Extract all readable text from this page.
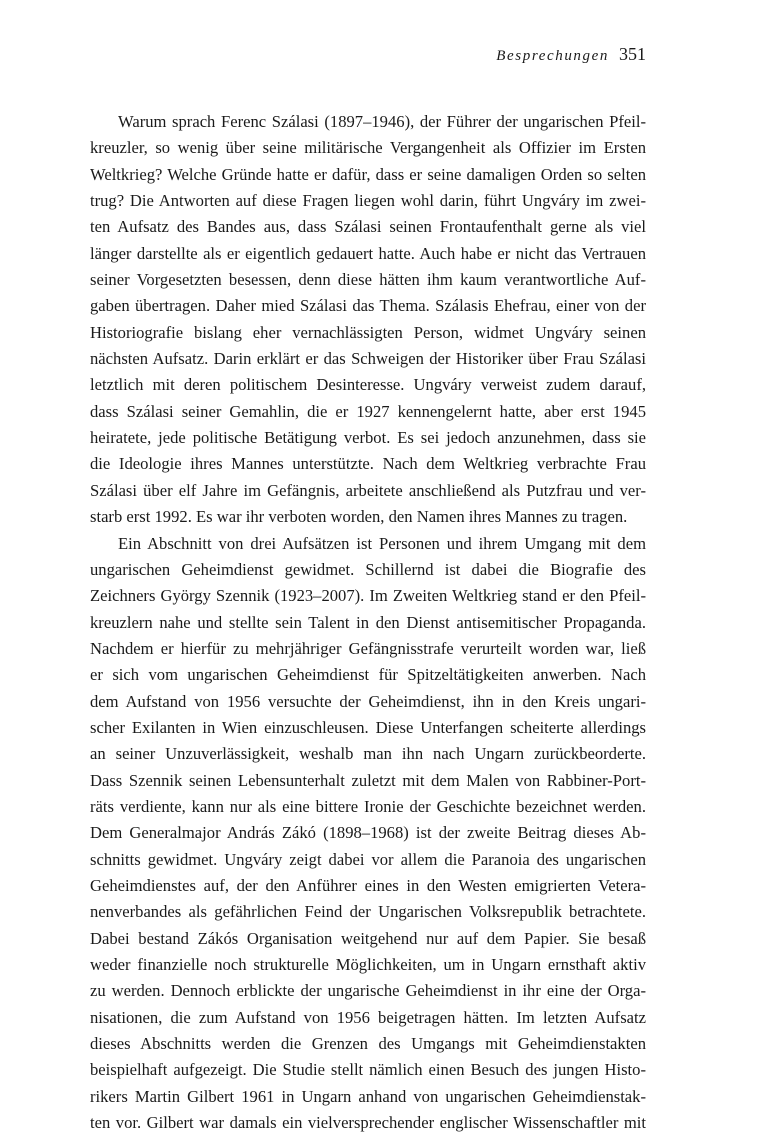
Besprechungen 351
Warum sprach Ferenc Szálasi (1897–1946), der Führer der ungarischen Pfeil-
kreuzler, so wenig über seine militärische Vergangenheit als Offizier im Ersten
Weltkrieg? Welche Gründe hatte er dafür, dass er seine damaligen Orden so selten
trug? Die Antworten auf diese Fragen liegen wohl darin, führt Ungváry im zwei-
ten Aufsatz des Bandes aus, dass Szálasi seinen Frontaufenthalt gerne als viel
länger darstellte als er eigentlich gedauert hatte. Auch habe er nicht das Vertrauen
seiner Vorgesetzten besessen, denn diese hätten ihm kaum verantwortliche Auf-
gaben übertragen. Daher mied Szálasi das Thema. Szálasis Ehefrau, einer von der
Historiografie bislang eher vernachlässigten Person, widmet Ungváry seinen
nächsten Aufsatz. Darin erklärt er das Schweigen der Historiker über Frau Szálasi
letztlich mit deren politischem Desinteresse. Ungváry verweist zudem darauf,
dass Szálasi seiner Gemahlin, die er 1927 kennengelernt hatte, aber erst 1945
heiratete, jede politische Betätigung verbot. Es sei jedoch anzunehmen, dass sie
die Ideologie ihres Mannes unterstützte. Nach dem Weltkrieg verbrachte Frau
Szálasi über elf Jahre im Gefängnis, arbeitete anschließend als Putzfrau und ver-
starb erst 1992. Es war ihr verboten worden, den Namen ihres Mannes zu tragen.
Ein Abschnitt von drei Aufsätzen ist Personen und ihrem Umgang mit dem
ungarischen Geheimdienst gewidmet. Schillernd ist dabei die Biografie des
Zeichners György Szennik (1923–2007). Im Zweiten Weltkrieg stand er den Pfeil-
kreuzlern nahe und stellte sein Talent in den Dienst antisemitischer Propaganda.
Nachdem er hierfür zu mehrjähriger Gefängnisstrafe verurteilt worden war, ließ
er sich vom ungarischen Geheimdienst für Spitzeltätigkeiten anwerben. Nach
dem Aufstand von 1956 versuchte der Geheimdienst, ihn in den Kreis ungari-
scher Exilanten in Wien einzuschleusen. Diese Unterfangen scheiterte allerdings
an seiner Unzuverlässigkeit, weshalb man ihn nach Ungarn zurückbeorderte.
Dass Szennik seinen Lebensunterhalt zuletzt mit dem Malen von Rabbiner-Port-
räts verdiente, kann nur als eine bittere Ironie der Geschichte bezeichnet werden.
Dem Generalmajor András Zákó (1898–1968) ist der zweite Beitrag dieses Ab-
schnitts gewidmet. Ungváry zeigt dabei vor allem die Paranoia des ungarischen
Geheimdienstes auf, der den Anführer eines in den Westen emigrierten Vetera-
nenverbandes als gefährlichen Feind der Ungarischen Volksrepublik betrachtete.
Dabei bestand Zákós Organisation weitgehend nur auf dem Papier. Sie besaß
weder finanzielle noch strukturelle Möglichkeiten, um in Ungarn ernsthaft aktiv
zu werden. Dennoch erblickte der ungarische Geheimdienst in ihr eine der Orga-
nisationen, die zum Aufstand von 1956 beigetragen hätten. Im letzten Aufsatz
dieses Abschnitts werden die Grenzen des Umgangs mit Geheimdienstakten
beispielhaft aufgezeigt. Die Studie stellt nämlich einen Besuch des jungen Histo-
rikers Martin Gilbert 1961 in Ungarn anhand von ungarischen Geheimdienstak-
ten vor. Gilbert war damals ein vielversprechender englischer Wissenschaftler mit
